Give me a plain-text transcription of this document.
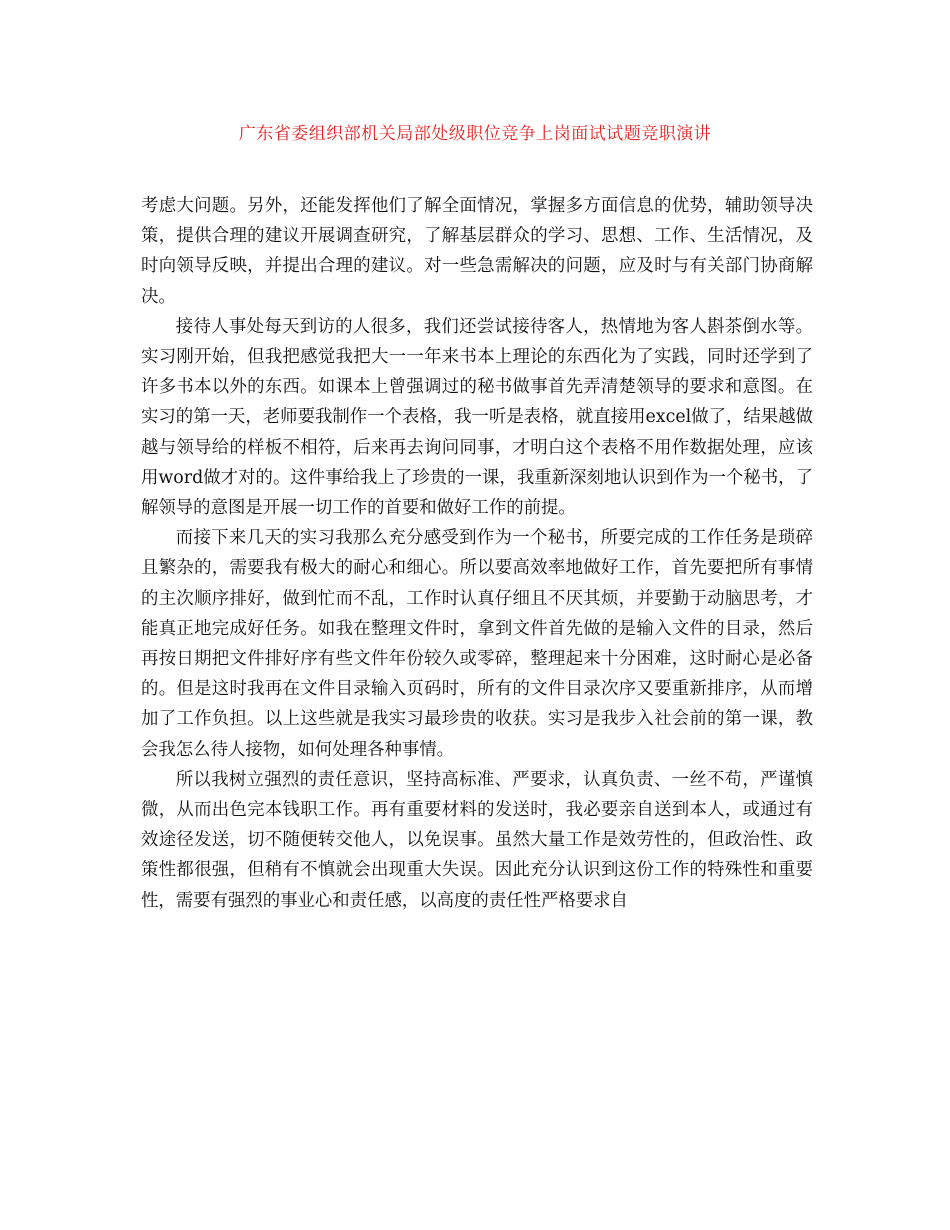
广东省委组织部机关局部处级职位竞争上岗面试试题竞职演讲

考虑大问题。另外，还能发挥他们了解全面情况，掌握多方面信息的优势，辅助领导决策，提供合理的建议开展调查研究，了解基层群众的学习、思想、工作、生活情况，及时向领导反映，并提出合理的建议。对一些急需解决的问题，应及时与有关部门协商解决。

接待人事处每天到访的人很多，我们还尝试接待客人，热情地为客人斟茶倒水等。 实习刚开始，但我把感觉我把大一一年来书本上理论的东西化为了实践，同时还学到了许多书本以外的东西。如课本上曾强调过的秘书做事首先弄清楚领导的要求和意图。在实习的第一天，老师要我制作一个表格，我一听是表格，就直接用excel做了，结果越做越与领导给的样板不相符，后来再去询问同事，才明白这个表格不用作数据处理，应该用word做才对的。这件事给我上了珍贵的一课，我重新深刻地认识到作为一个秘书，了解领导的意图是开展一切工作的首要和做好工作的前提。

而接下来几天的实习我那么充分感受到作为一个秘书，所要完成的工作任务是琐碎且繁杂的，需要我有极大的耐心和细心。所以要高效率地做好工作，首先要把所有事情的主次顺序排好，做到忙而不乱，工作时认真仔细且不厌其烦，并要勤于动脑思考，才能真正地完成好任务。如我在整理文件时，拿到文件首先做的是输入文件的目录，然后再按日期把文件排好序有些文件年份较久或零碎，整理起来十分困难，这时耐心是必备的。但是这时我再在文件目录输入页码时，所有的文件目录次序又要重新排序，从而增加了工作负担。以上这些就是我实习最珍贵的收获。实习是我步入社会前的第一课，教会我怎么待人接物，如何处理各种事情。

所以我树立强烈的责任意识，坚持高标准、严要求，认真负责、一丝不苟，严谨慎微，从而出色完本钱职工作。再有重要材料的发送时，我必要亲自送到本人，或通过有效途径发送，切不随便转交他人，以免误事。虽然大量工作是效劳性的，但政治性、政策性都很强，但稍有不慎就会出现重大失误。因此充分认识到这份工作的特殊性和重要性，需要有强烈的事业心和责任感，以高度的责任性严格要求自
